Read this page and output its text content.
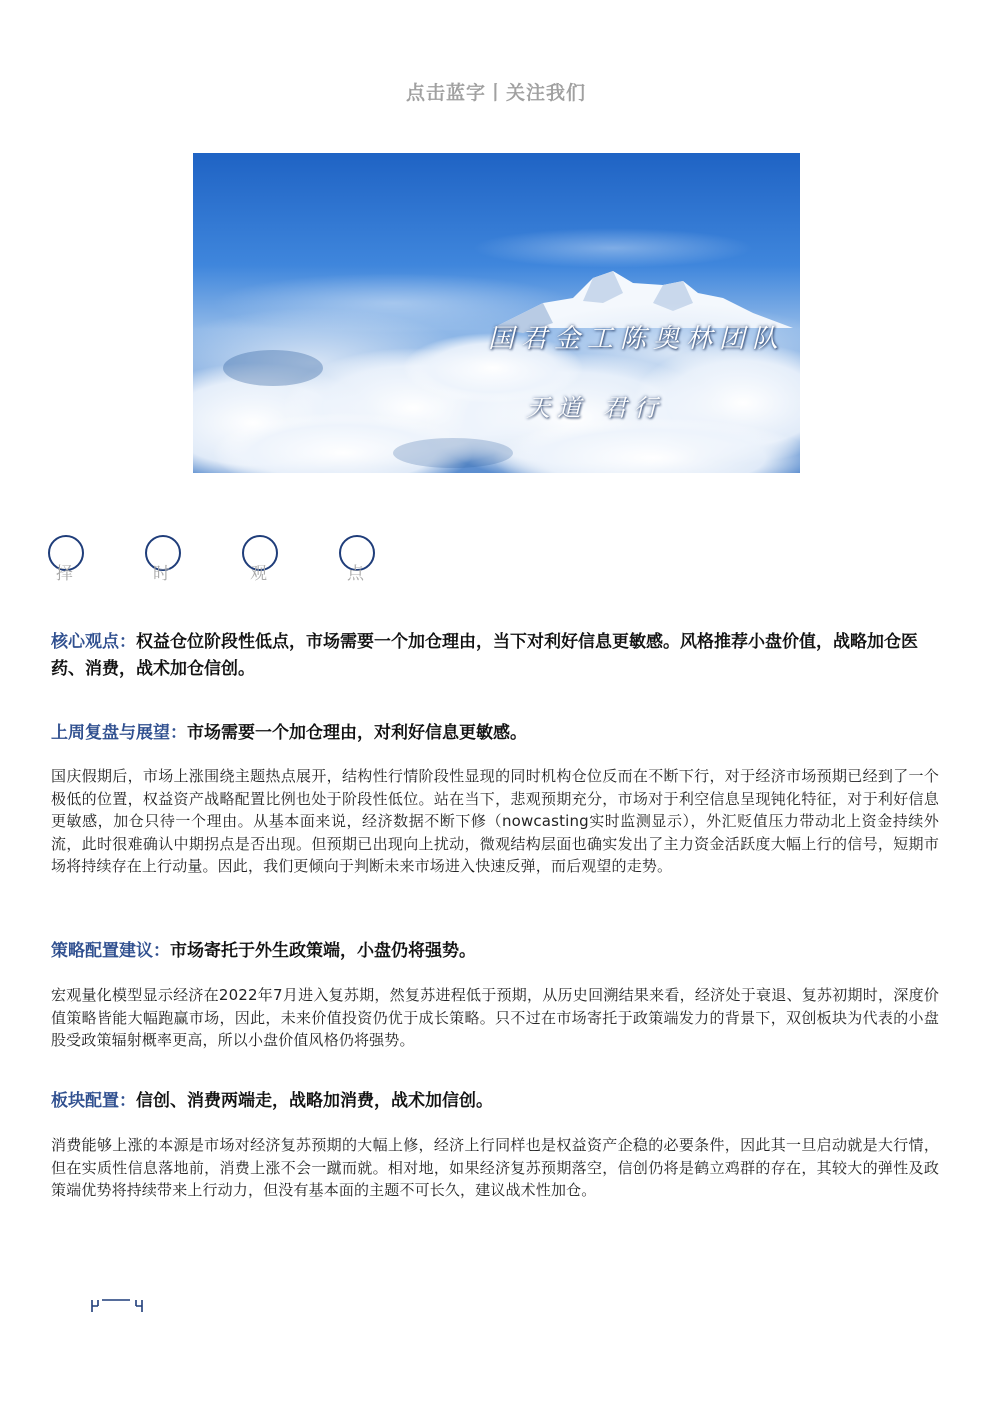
点击蓝字丨关注我们
国君金工陈奥林团队
天道 君行
择	时	观	点
核心观点：权益仓位阶段性低点，市场需要一个加仓理由，当下对利好信息更敏感。风格推荐小盘价值，战略加仓医药、消费，战术加仓信创。
上周复盘与展望：市场需要一个加仓理由，对利好信息更敏感。
国庆假期后，市场上涨围绕主题热点展开，结构性行情阶段性显现的同时机构仓位反而在不断下行，对于经济市场预期已经到了一个极低的位置，权益资产战略配置比例也处于阶段性低位。站在当下，悲观预期充分，市场对于利空信息呈现钝化特征，对于利好信息更敏感，加仓只待一个理由。从基本面来说，经济数据不断下修（nowcasting实时监测显示），外汇贬值压力带动北上资金持续外流，此时很难确认中期拐点是否出现。但预期已出现向上扰动，微观结构层面也确实发出了主力资金活跃度大幅上行的信号，短期市场将持续存在上行动量。因此，我们更倾向于判断未来市场进入快速反弹，而后观望的走势。
策略配置建议：市场寄托于外生政策端，小盘仍将强势。
宏观量化模型显示经济在2022年7月进入复苏期，然复苏进程低于预期，从历史回溯结果来看，经济处于衰退、复苏初期时，深度价值策略皆能大幅跑赢市场，因此，未来价值投资仍优于成长策略。只不过在市场寄托于政策端发力的背景下，双创板块为代表的小盘股受政策辐射概率更高，所以小盘价值风格仍将强势。
板块配置：信创、消费两端走，战略加消费，战术加信创。
消费能够上涨的本源是市场对经济复苏预期的大幅上修，经济上行同样也是权益资产企稳的必要条件，因此其一旦启动就是大行情，但在实质性信息落地前，消费上涨不会一蹴而就。相对地，如果经济复苏预期落空，信创仍将是鹤立鸡群的存在，其较大的弹性及政策端优势将持续带来上行动力，但没有基本面的主题不可长久，建议战术性加仓。
